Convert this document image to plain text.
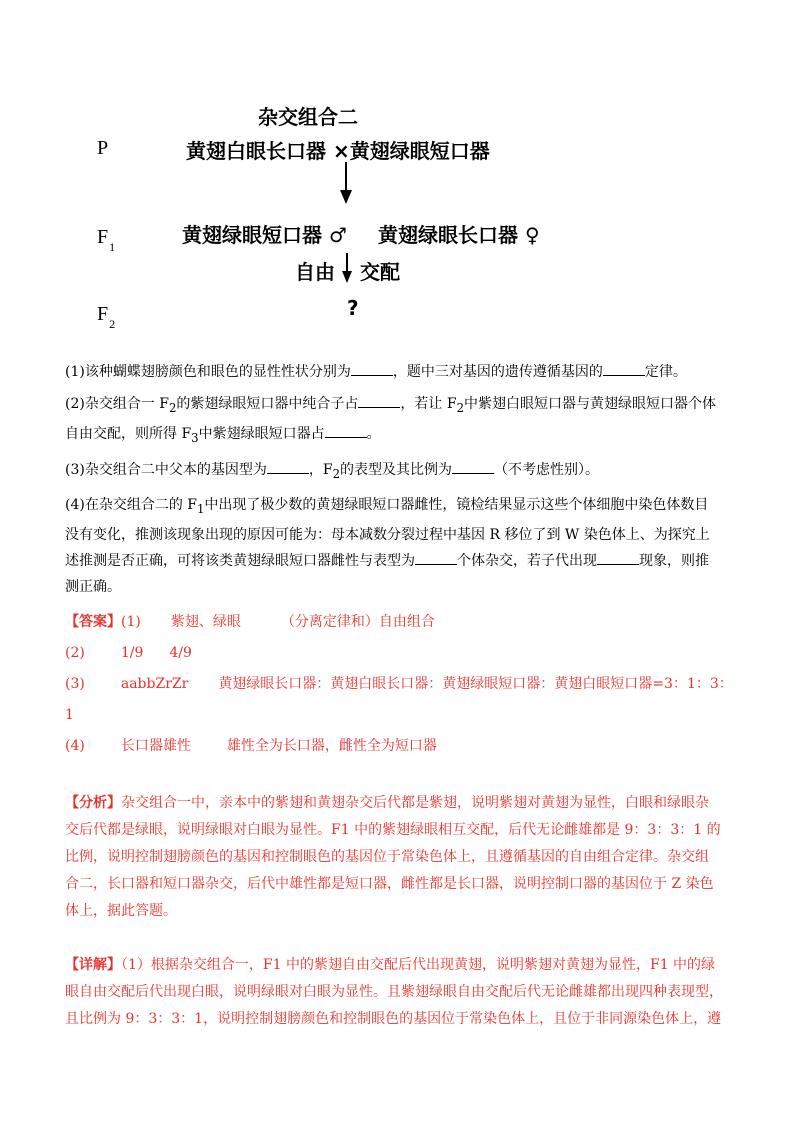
杂交组合二
P	黄翅白眼长口器 ×黄翅绿眼短口器
$F_1$	黄翅绿眼短口器 ♂ 黄翅绿眼长口器 ♀
自由 交配
$F_2$
?

(1)该种蝴蝶翅膀颜色和眼色的显性性状分别为	，题中三对基因的遗传遵循基因的	定律。

(2)杂交组合一 $F_2$的紫翅绿眼短口器中纯合子占	，若让 $F_2$中紫翅白眼短口器与黄翅绿眼短口器个体

自由交配，则所得 $F_3$中紫翅绿眼短口器占	。

(3)杂交组合二中父本的基因型为	，$F_2$的表型及其比例为	（不考虑性别）。

(4)在杂交组合二的 $F_1$中出现了极少数的黄翅绿眼短口器雌性，镜检结果显示这些个体细胞中染色体数目

没有变化，推测该现象出现的原因可能为：母本减数分裂过程中基因 R 移位了到 W 染色体上、为探究上

述推测是否正确，可将该类黄翅绿眼短口器雌性与表型为	个体杂交，若子代出现	现象，则推

测正确。

【答案】(1) 紫翅、绿眼	（分离定律和）自由组合

(2)	1/9 4/9

(3)	aabbZrZr 黄翅绿眼长口器：黄翅白眼长口器：黄翅绿眼短口器：黄翅白眼短口器=3：1：3：

1

(4)	长口器雄性	雄性全为长口器，雌性全为短口器

【分析】杂交组合一中，亲本中的紫翅和黄翅杂交后代都是紫翅，说明紫翅对黄翅为显性，白眼和绿眼杂

交后代都是绿眼，说明绿眼对白眼为显性。F1 中的紫翅绿眼相互交配，后代无论雌雄都是 9：3：3：1 的

比例，说明控制翅膀颜色的基因和控制眼色的基因位于常染色体上，且遵循基因的自由组合定律。杂交组

合二，长口器和短口器杂交，后代中雄性都是短口器，雌性都是长口器，说明控制口器的基因位于 Z 染色

体上，据此答题。

【详解】（1）根据杂交组合一，F1 中的紫翅自由交配后代出现黄翅，说明紫翅对黄翅为显性，F1 中的绿

眼自由交配后代出现白眼，说明绿眼对白眼为显性。且紫翅绿眼自由交配后代无论雌雄都出现四种表现型，

且比例为 9：3：3：1，说明控制翅膀颜色和控制眼色的基因位于常染色体上，且位于非同源染色体上，遵
